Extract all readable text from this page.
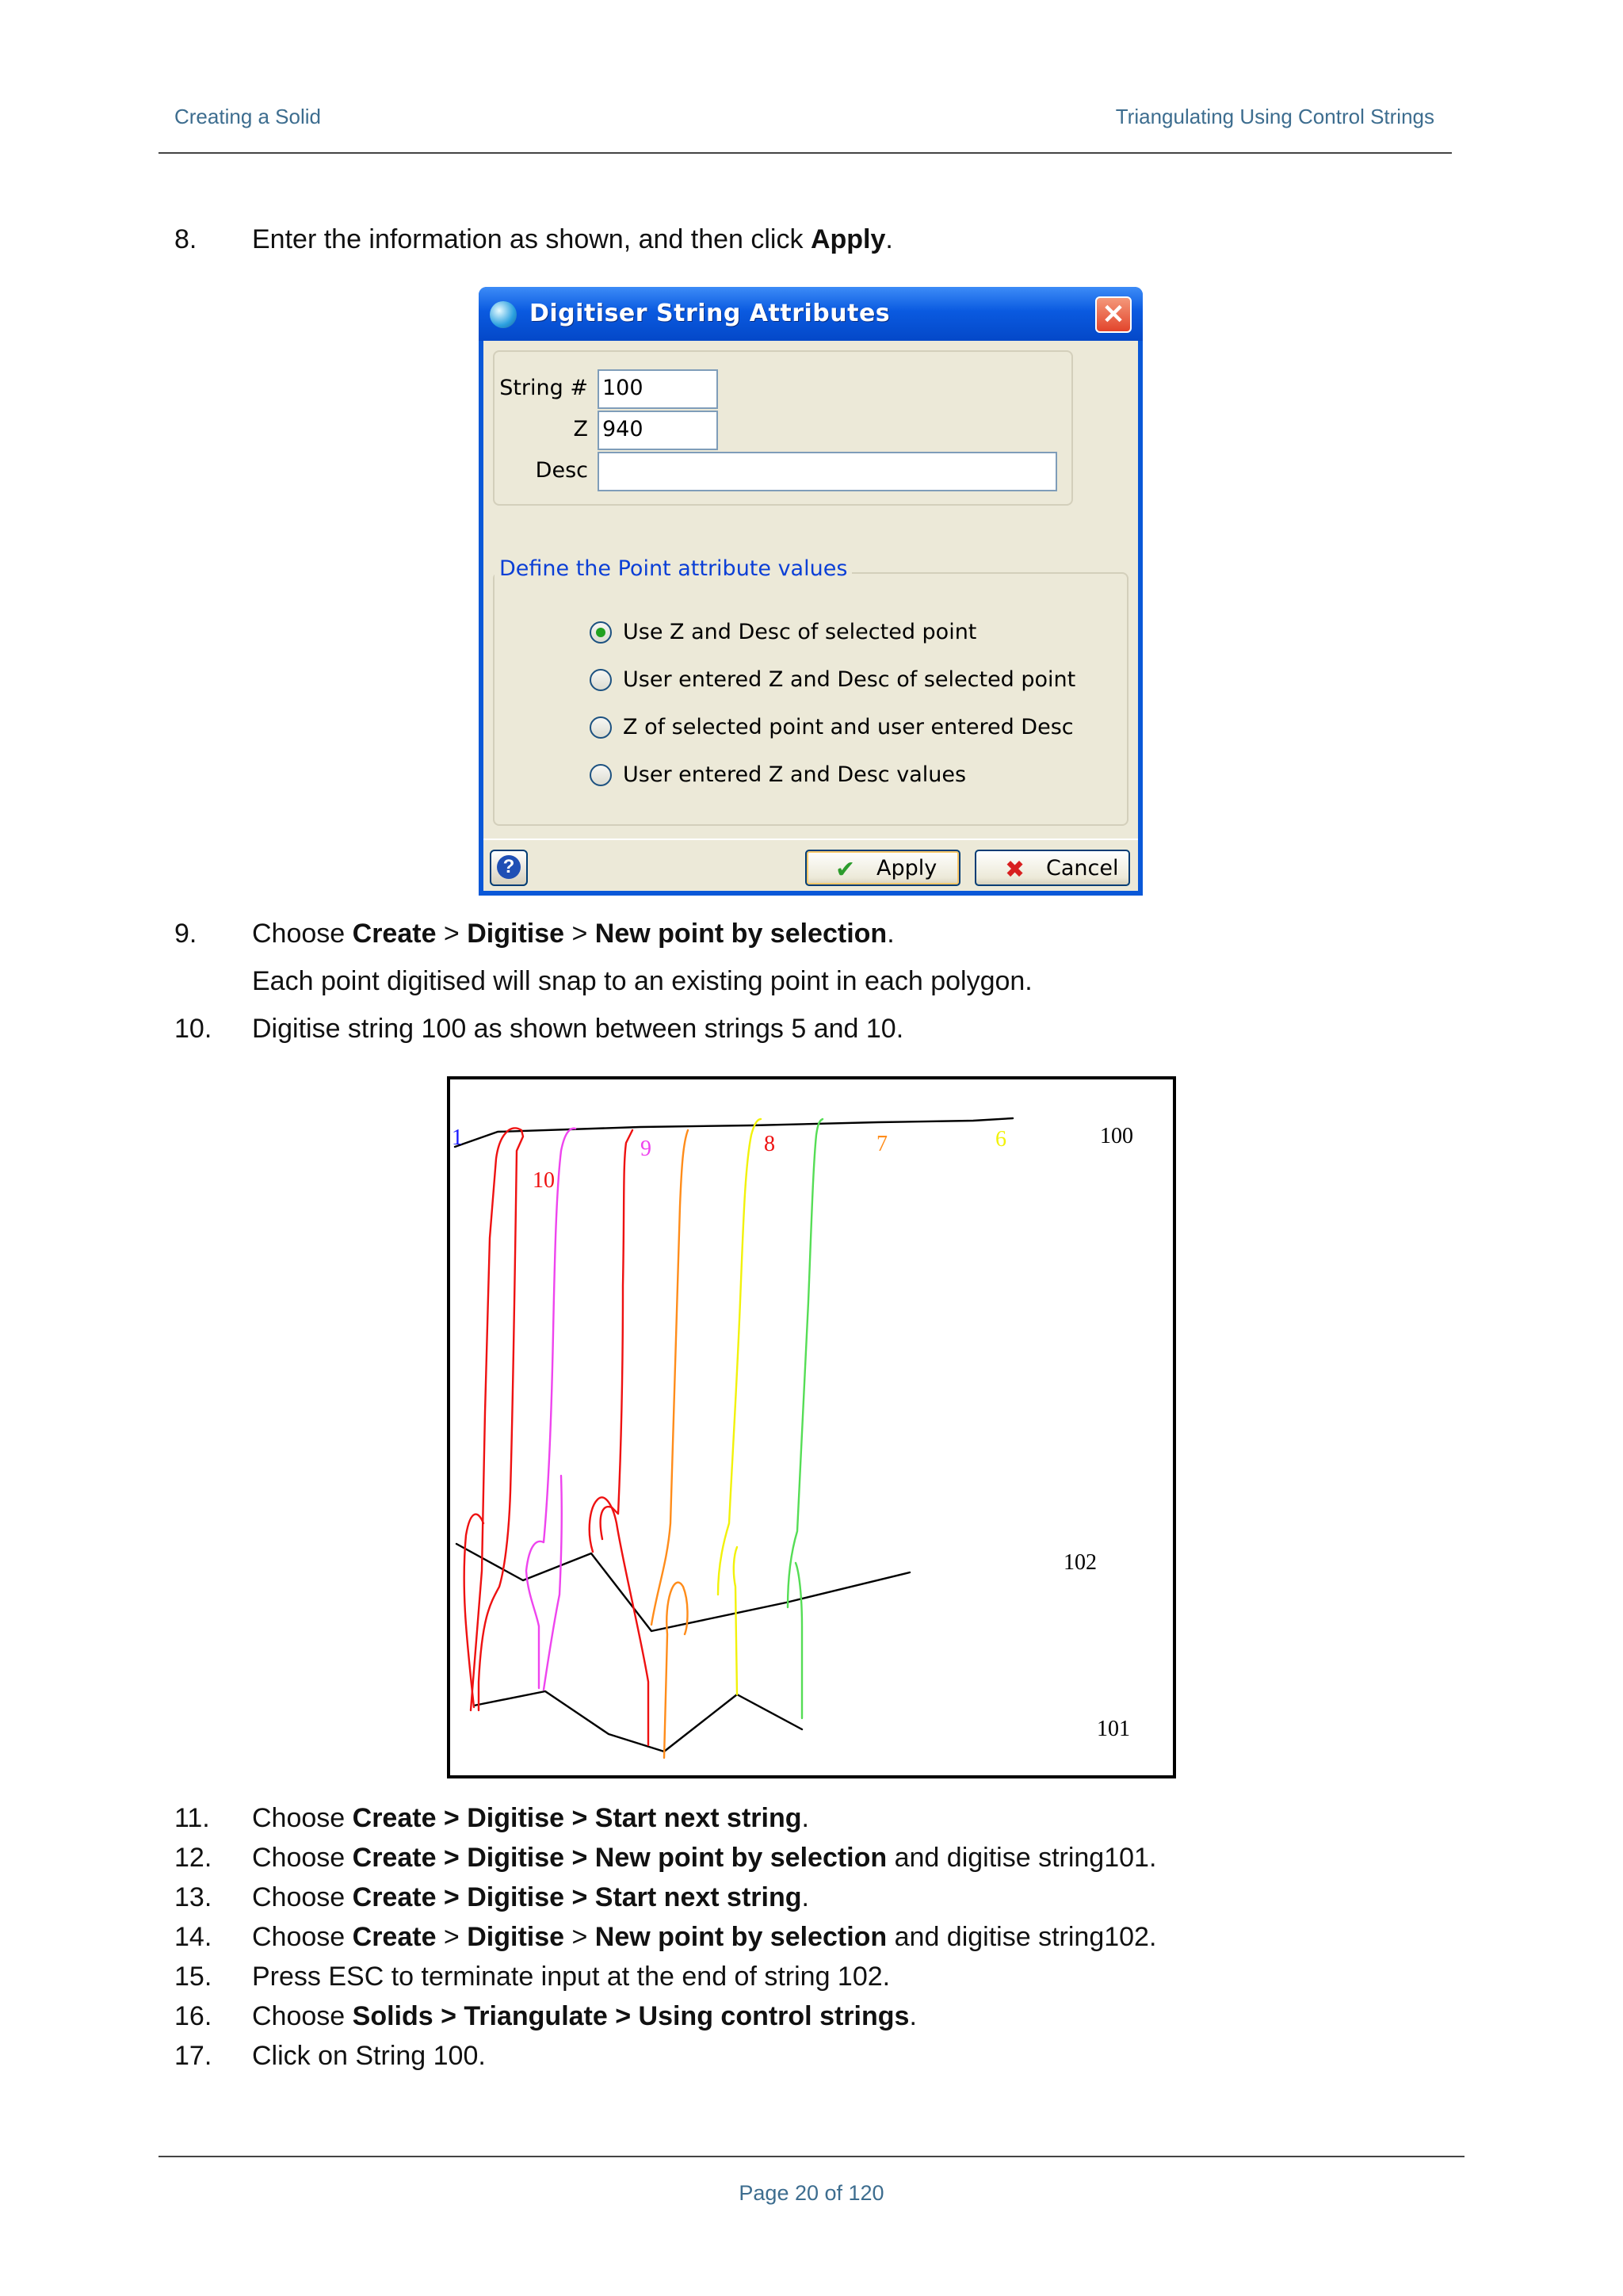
Creating a Solid	Triangulating Using Control Strings
8. Enter the information as shown, and then click Apply.
Digitiser String Attributes	✕
String # 100
Z 940
Desc
Define the Point attribute values
Use Z and Desc of selected point
User entered Z and Desc of selected point
Z of selected point and user entered Desc
User entered Z and Desc values
?	✔ Apply	✖ Cancel
9. Choose Create > Digitise > New point by selection.
Each point digitised will snap to an existing point in each polygon.
10. Digitise string 100 as shown between strings 5 and 10.
1
10
9	8	7	6	100
102
101
11. Choose Create > Digitise > Start next string.
12. Choose Create > Digitise > New point by selection and digitise string101.
13. Choose Create > Digitise > Start next string.
14. Choose Create > Digitise > New point by selection and digitise string102.
15. Press ESC to terminate input at the end of string 102.
16. Choose Solids > Triangulate > Using control strings.
17. Click on String 100.
Page 20 of 120
